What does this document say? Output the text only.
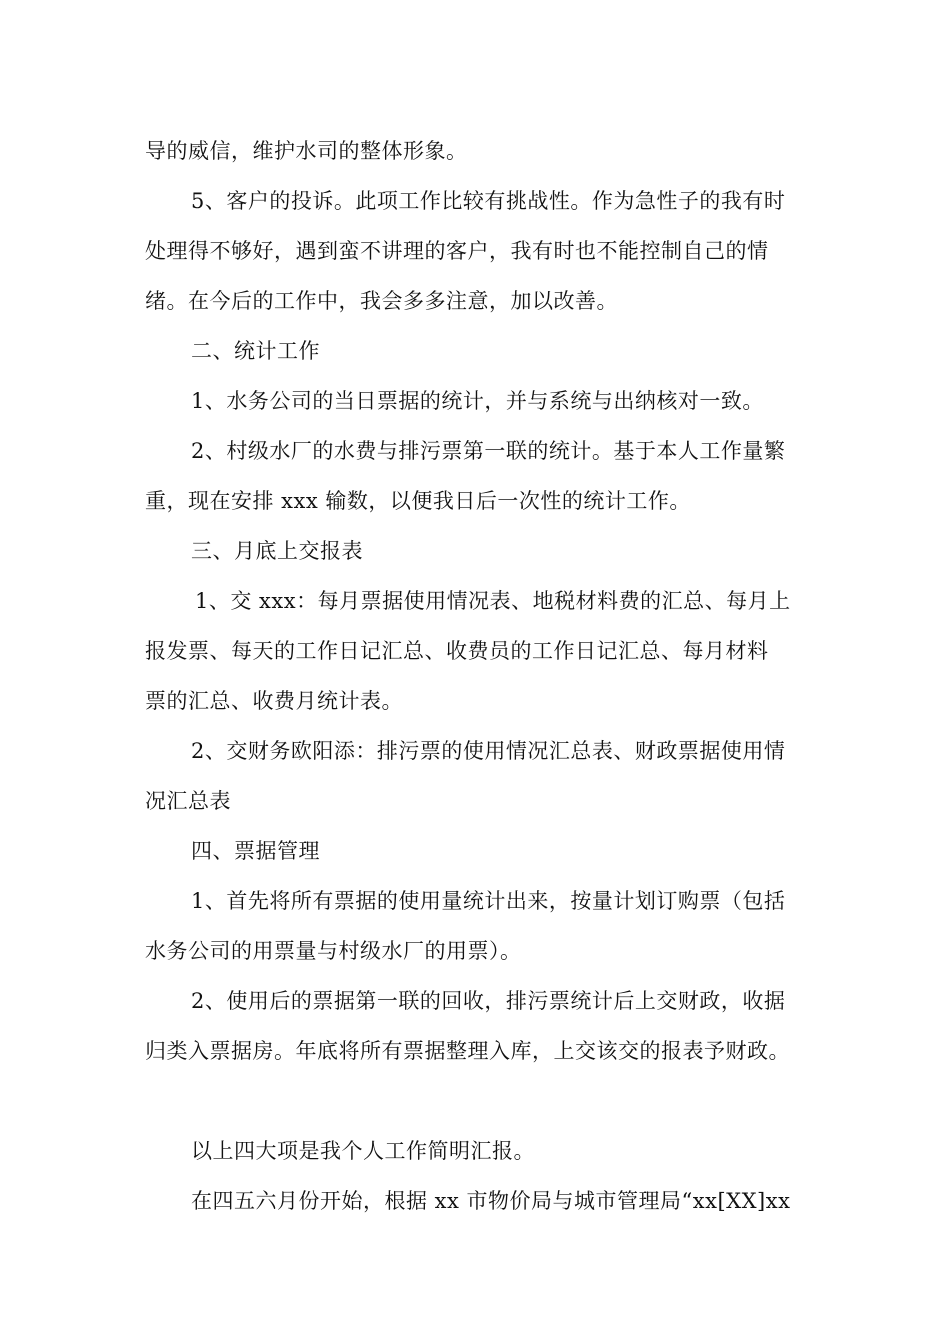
导的威信，维护水司的整体形象。

5、客户的投诉。此项工作比较有挑战性。作为急性子的我有时

处理得不够好，遇到蛮不讲理的客户，我有时也不能控制自己的情

绪。在今后的工作中，我会多多注意，加以改善。

二、统计工作

1、水务公司的当日票据的统计，并与系统与出纳核对一致。

2、村级水厂的水费与排污票第一联的统计。基于本人工作量繁

重，现在安排 xxx 输数，以便我日后一次性的统计工作。

三、月底上交报表

1、交 xxx：每月票据使用情况表、地税材料费的汇总、每月上

报发票、每天的工作日记汇总、收费员的工作日记汇总、每月材料

票的汇总、收费月统计表。

2、交财务欧阳添：排污票的使用情况汇总表、财政票据使用情

况汇总表

四、票据管理

1、首先将所有票据的使用量统计出来，按量计划订购票（包括

水务公司的用票量与村级水厂的用票）。

2、使用后的票据第一联的回收，排污票统计后上交财政，收据

归类入票据房。年底将所有票据整理入库，上交该交的报表予财政。

以上四大项是我个人工作简明汇报。

在四五六月份开始，根据 xx 市物价局与城市管理局“xx[XX]xx
